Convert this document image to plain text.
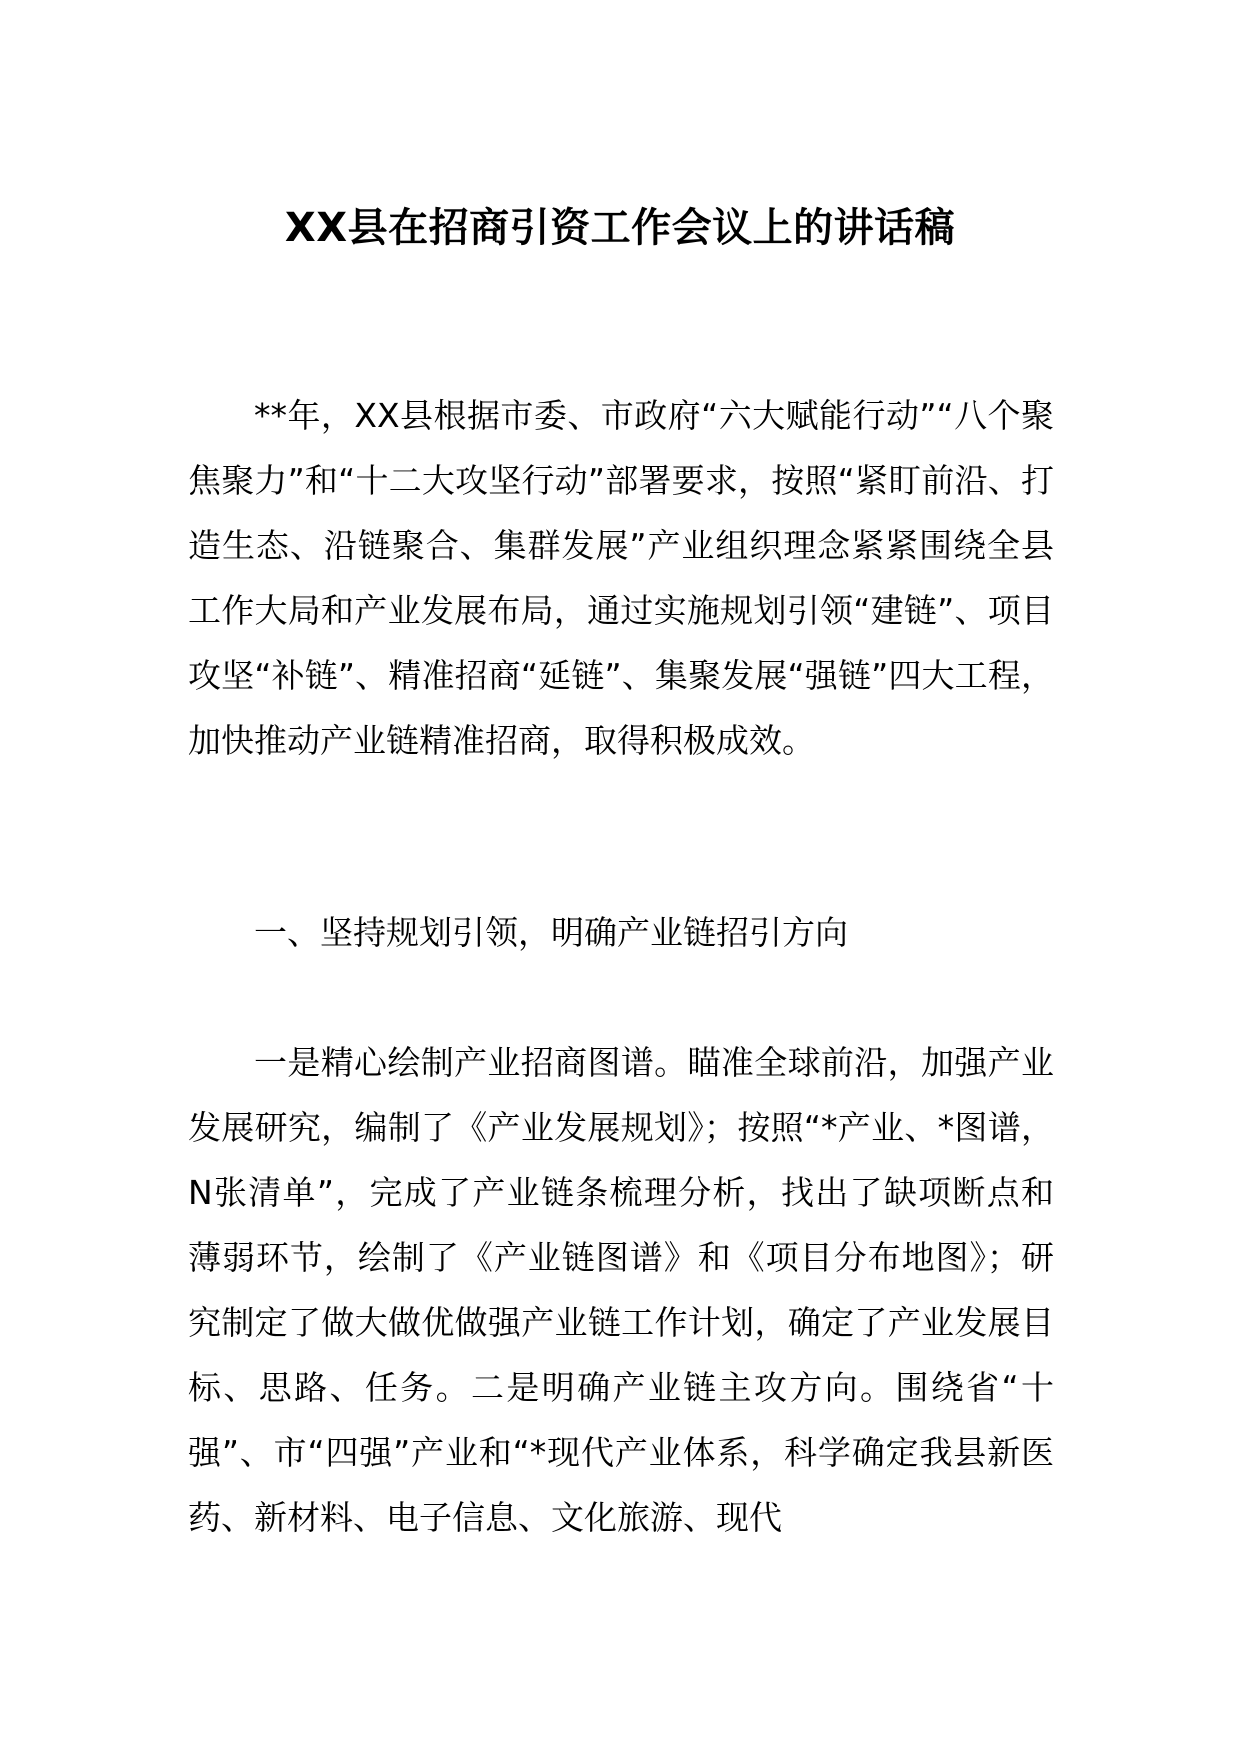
XX县在招商引资工作会议上的讲话稿

**年，XX县根据市委、市政府“六大赋能行动”“八个聚焦聚力”和“十二大攻坚行动”部署要求，按照“紧盯前沿、打造生态、沿链聚合、集群发展”产业组织理念紧紧围绕全县工作大局和产业发展布局，通过实施规划引领“建链”、项目攻坚“补链”、精准招商“延链”、集聚发展“强链”四大工程，加快推动产业链精准招商，取得积极成效。

一、坚持规划引领，明确产业链招引方向

一是精心绘制产业招商图谱。瞄准全球前沿，加强产业发展研究，编制了《产业发展规划》；按照“*产业、*图谱，N张清单”，完成了产业链条梳理分析，找出了缺项断点和薄弱环节，绘制了《产业链图谱》和《项目分布地图》；研究制定了做大做优做强产业链工作计划，确定了产业发展目标、思路、任务。二是明确产业链主攻方向。围绕省“十强”、市“四强”产业和“*现代产业体系，科学确定我县新医药、新材料、电子信息、文化旅游、现代
